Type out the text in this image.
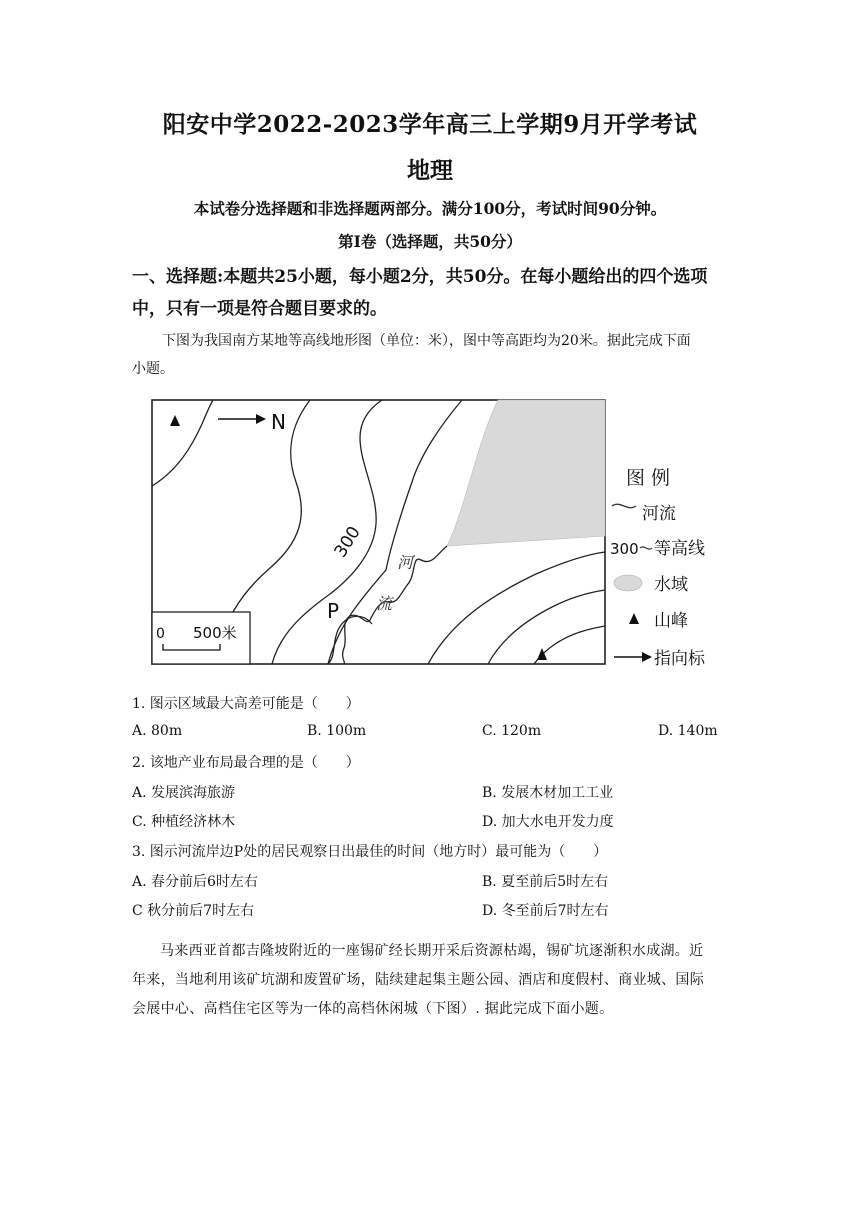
阳安中学2022-2023学年高三上学期9月开学考试
地理
本试卷分选择题和非选择题两部分。满分100分，考试时间90分钟。
第Ⅰ卷（选择题，共50分）
一、选择题:本题共25小题，每小题2分，共50分。在每小题给出的四个选项
中，只有一项是符合题目要求的。
下图为我国南方某地等高线地形图（单位：米），图中等高距均为20米。据此完成下面
小题。
N
300
河
流
P
0 500米
图 例
河流
300 等高线
水域
山峰
指向标
1. 图示区域最大高差可能是（　　）
A. 80m	B. 100m	C. 120m	D. 140m
2. 该地产业布局最合理的是（　　）
A. 发展滨海旅游	B. 发展木材加工工业
C. 种植经济林木	D. 加大水电开发力度
3. 图示河流岸边P处的居民观察日出最佳的时间（地方时）最可能为（　　）
A. 春分前后6时左右	B. 夏至前后5时左右
C 秋分前后7时左右	D. 冬至前后7时左右
马来西亚首都吉隆坡附近的一座锡矿经长期开采后资源枯竭，锡矿坑逐渐积水成湖。近
年来，当地利用该矿坑湖和废置矿场，陆续建起集主题公园、酒店和度假村、商业城、国际
会展中心、高档住宅区等为一体的高档休闲城（下图）. 据此完成下面小题。
